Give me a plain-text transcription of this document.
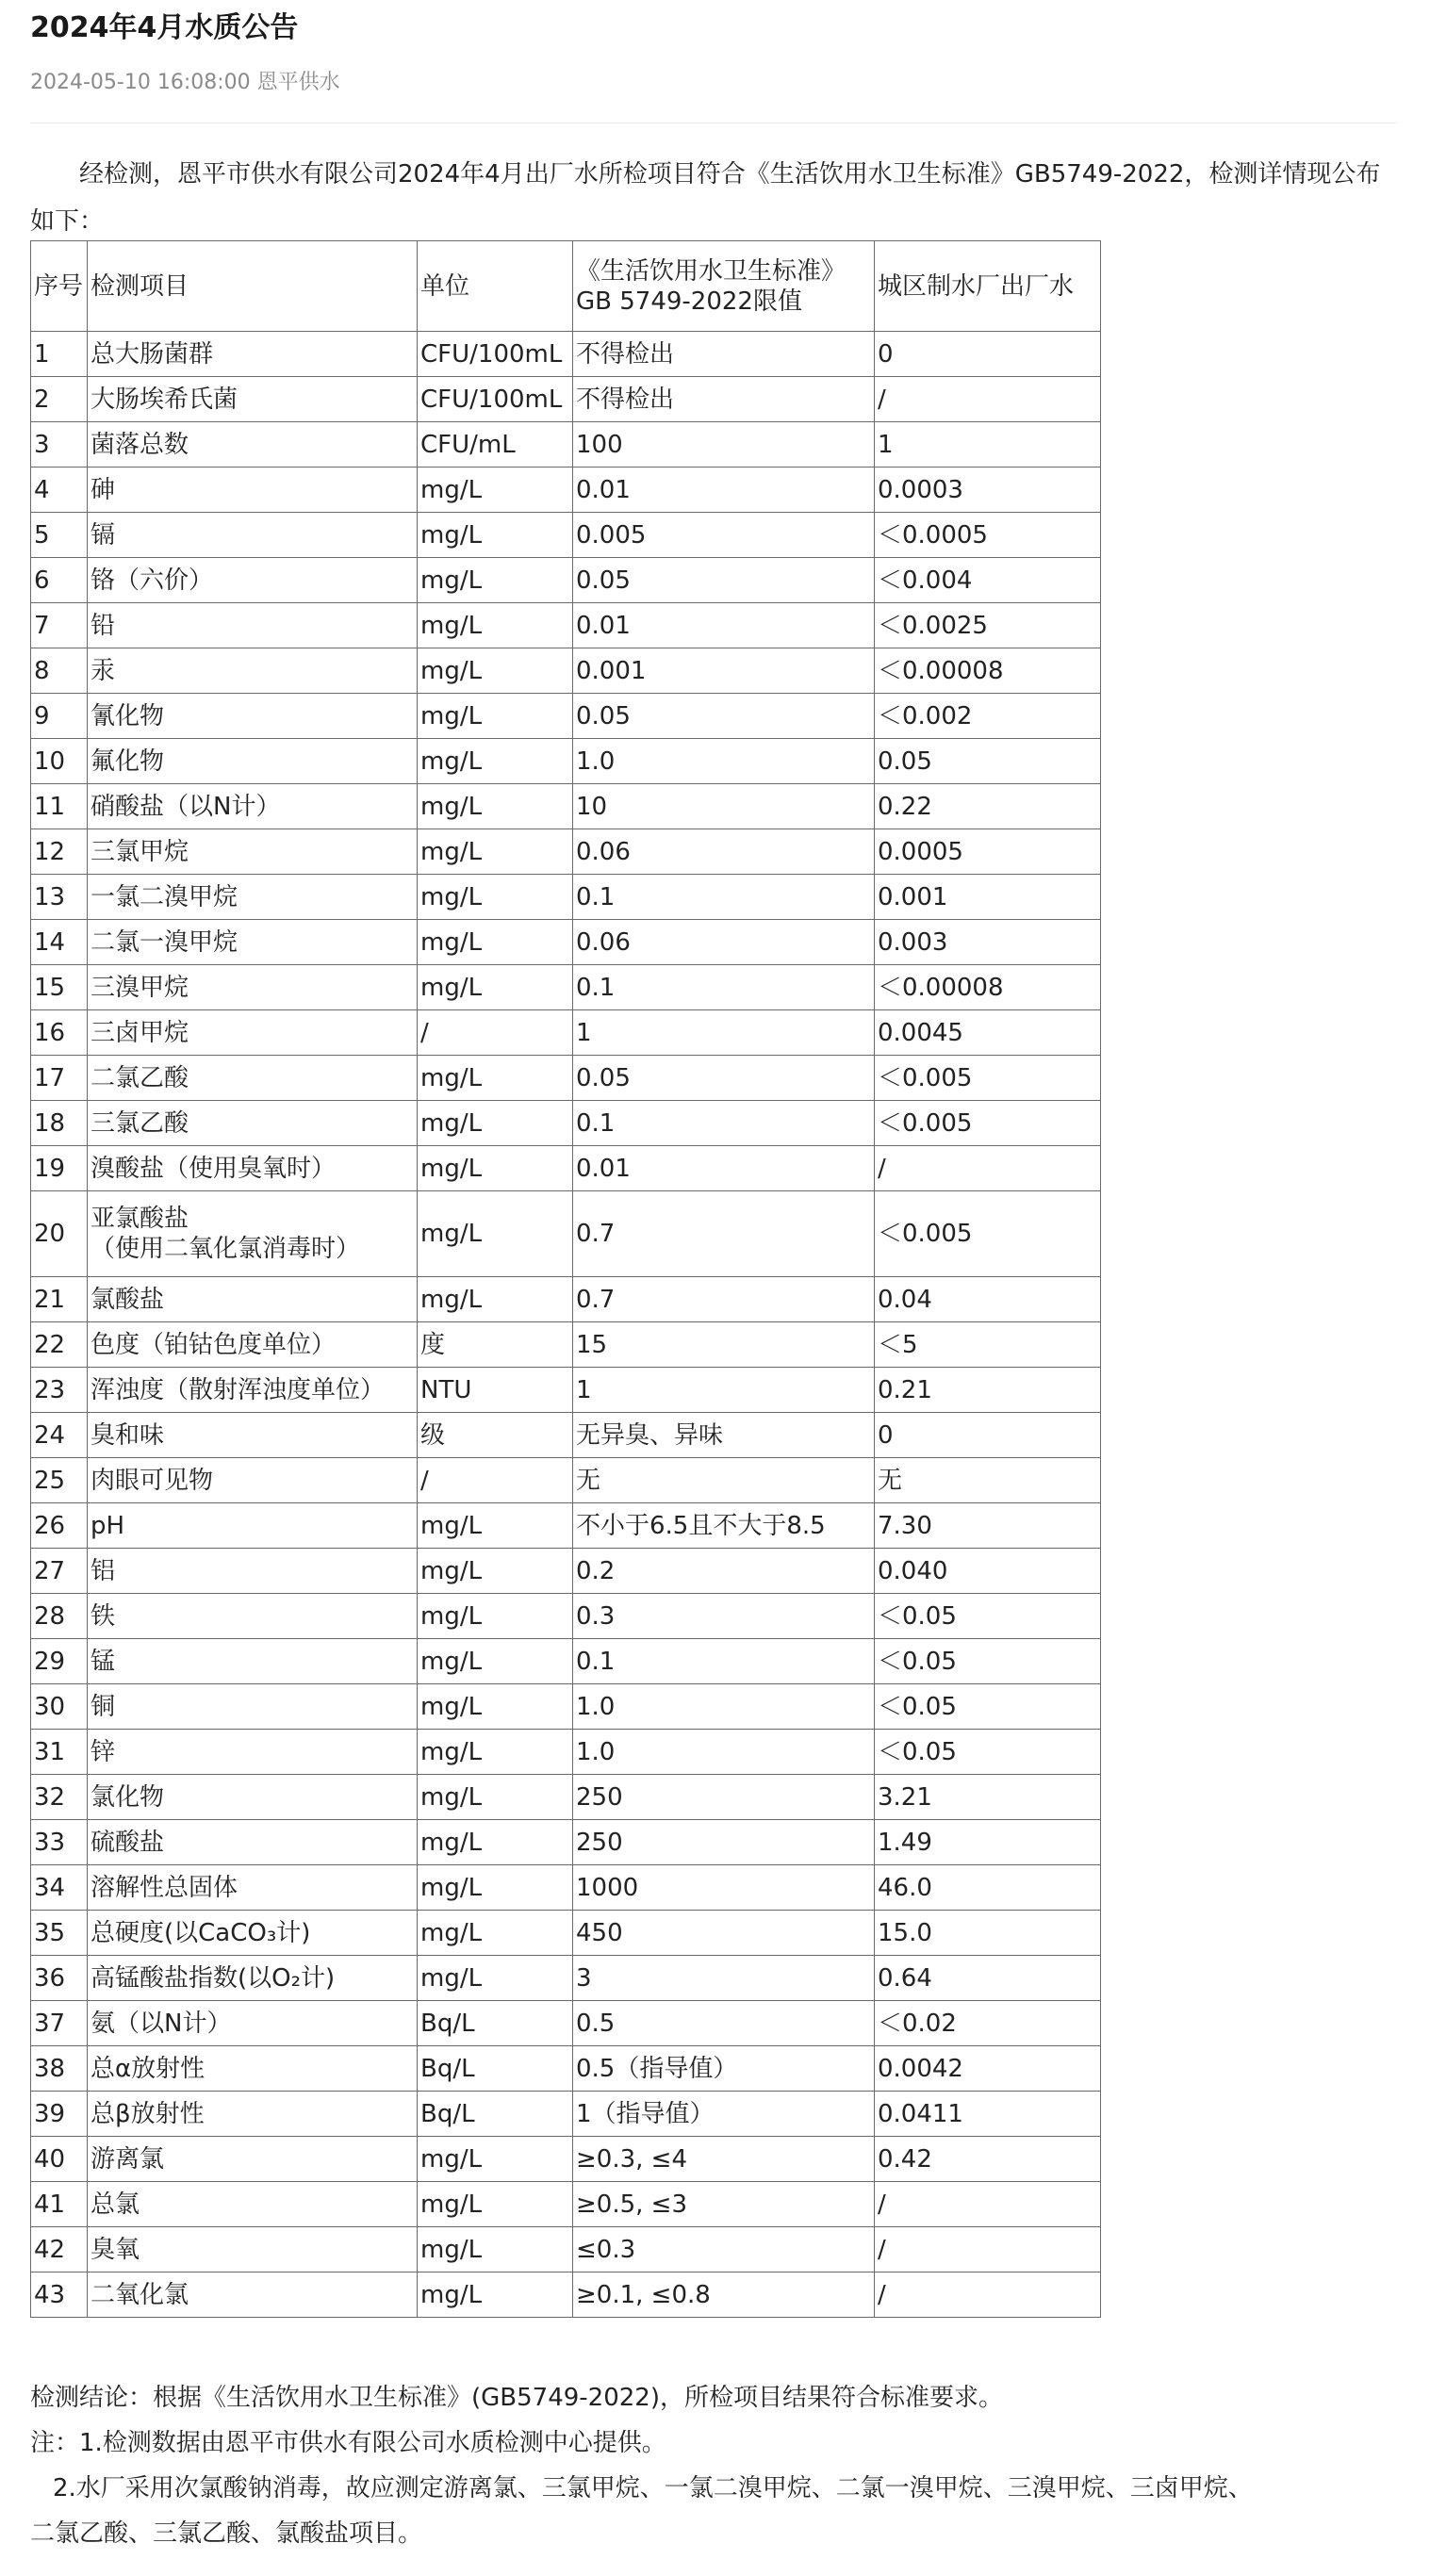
2024年4月水质公告
2024-05-10 16:08:00 恩平供水
经检测，恩平市供水有限公司2024年4月出厂水所检项目符合《生活饮用水卫生标准》GB5749-2022，检测详情现公布如下：
序号	检测项目	单位	《生活饮用水卫生标准》
GB 5749-2022限值	城区制水厂出厂水
1	总大肠菌群	CFU/100mL	不得检出	0
2	大肠埃希氏菌	CFU/100mL	不得检出	/
3	菌落总数	CFU/mL	100	1
4	砷	mg/L	0.01	0.0003
5	镉	mg/L	0.005	＜0.0005
6	铬（六价）	mg/L	0.05	＜0.004
7	铅	mg/L	0.01	＜0.0025
8	汞	mg/L	0.001	＜0.00008
9	氰化物	mg/L	0.05	＜0.002
10	氟化物	mg/L	1.0	0.05
11	硝酸盐（以N计）	mg/L	10	0.22
12	三氯甲烷	mg/L	0.06	0.0005
13	一氯二溴甲烷	mg/L	0.1	0.001
14	二氯一溴甲烷	mg/L	0.06	0.003
15	三溴甲烷	mg/L	0.1	＜0.00008
16	三卤甲烷	/	1	0.0045
17	二氯乙酸	mg/L	0.05	＜0.005
18	三氯乙酸	mg/L	0.1	＜0.005
19	溴酸盐（使用臭氧时）	mg/L	0.01	/
20	亚氯酸盐
（使用二氧化氯消毒时）	mg/L	0.7	＜0.005
21	氯酸盐	mg/L	0.7	0.04
22	色度（铂钴色度单位）	度	15	＜5
23	浑浊度（散射浑浊度单位）	NTU	1	0.21
24	臭和味	级	无异臭、异味	0
25	肉眼可见物	/	无	无
26	pH	mg/L	不小于6.5且不大于8.5	7.30
27	铝	mg/L	0.2	0.040
28	铁	mg/L	0.3	＜0.05
29	锰	mg/L	0.1	＜0.05
30	铜	mg/L	1.0	＜0.05
31	锌	mg/L	1.0	＜0.05
32	氯化物	mg/L	250	3.21
33	硫酸盐	mg/L	250	1.49
34	溶解性总固体	mg/L	1000	46.0
35	总硬度(以CaCO₃计)	mg/L	450	15.0
36	高锰酸盐指数(以O₂计)	mg/L	3	0.64
37	氨（以N计）	Bq/L	0.5	＜0.02
38	总α放射性	Bq/L	0.5（指导值）	0.0042
39	总β放射性	Bq/L	1（指导值）	0.0411
40	游离氯	mg/L	≥0.3, ≤4	0.42
41	总氯	mg/L	≥0.5, ≤3	/
42	臭氧	mg/L	≤0.3	/
43	二氧化氯	mg/L	≥0.1, ≤0.8	/

检测结论：根据《生活饮用水卫生标准》(GB5749-2022)，所检项目结果符合标准要求。

注：1.检测数据由恩平市供水有限公司水质检测中心提供。

2.水厂采用次氯酸钠消毒，故应测定游离氯、三氯甲烷、一氯二溴甲烷、二氯一溴甲烷、三溴甲烷、三卤甲烷、

二氯乙酸、三氯乙酸、氯酸盐项目。
